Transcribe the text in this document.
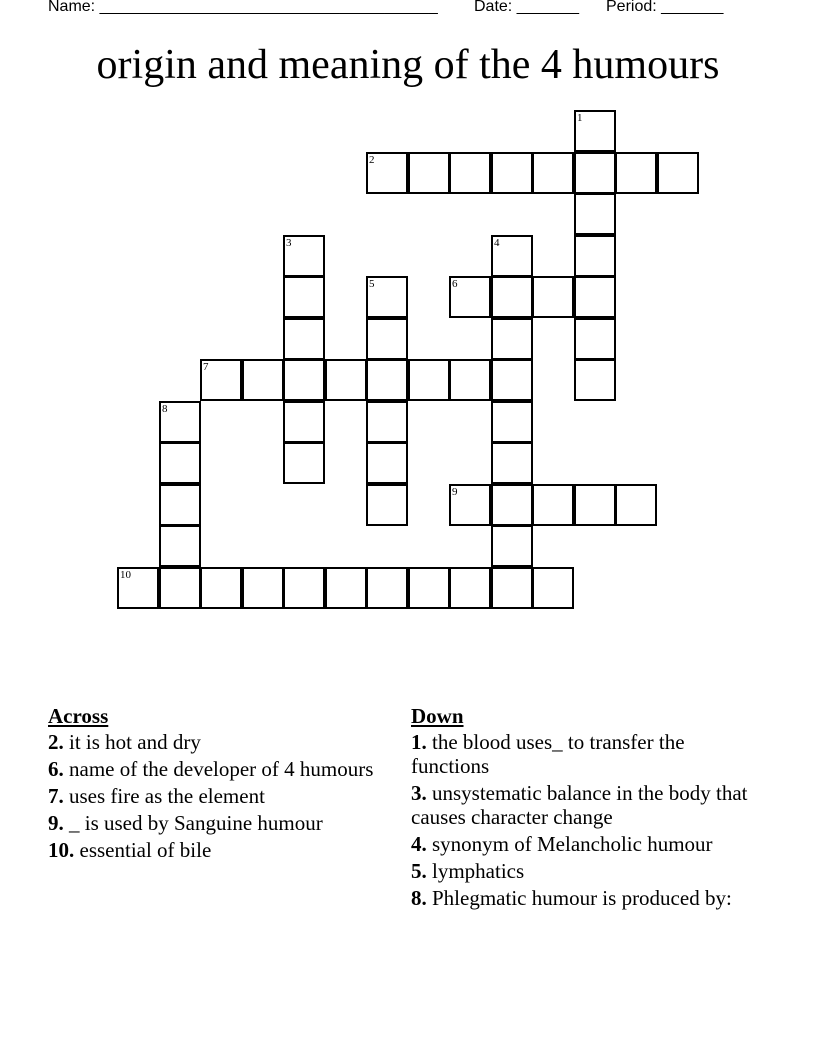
Name: ______________________________________ Date: _______ Period: _______
origin and meaning of the 4 humours
1
2
3	4
5	6
7
8
9
10
Across
2. it is hot and dry
6. name of the developer of 4 humours
7. uses fire as the element
9. _ is used by Sanguine humour
10. essential of bile
Down
1. the blood uses_ to transfer the functions
3. unsystematic balance in the body that causes character change
4. synonym of Melancholic humour
5. lymphatics
8. Phlegmatic humour is produced by:
